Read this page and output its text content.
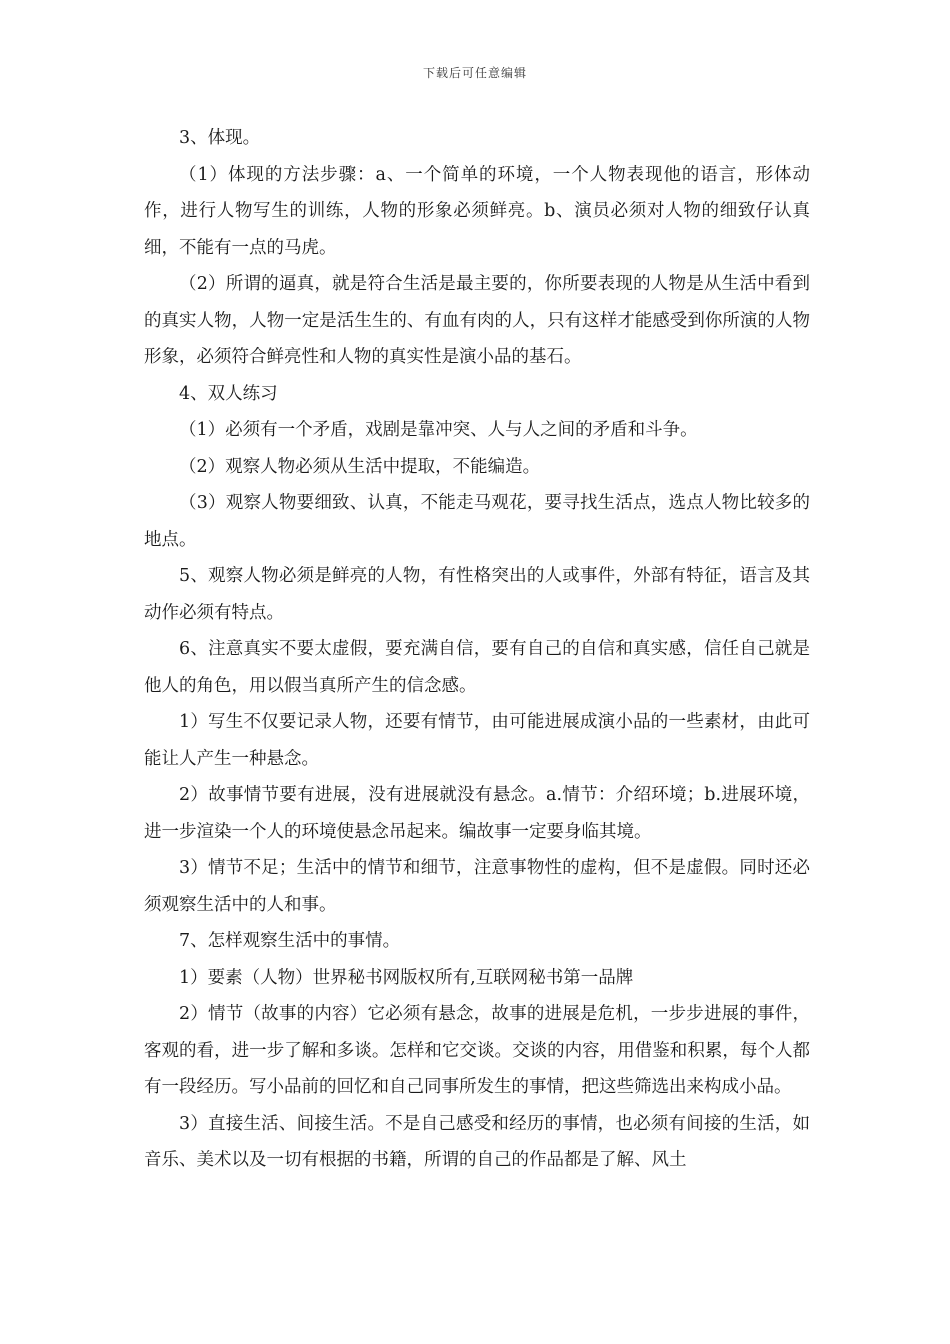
下载后可任意编辑

3、体现。

（1）体现的方法步骤：a、一个简单的环境，一个人物表现他的语言，形体动作，进行人物写生的训练，人物的形象必须鲜亮。b、演员必须对人物的细致仔认真细，不能有一点的马虎。

（2）所谓的逼真，就是符合生活是最主要的，你所要表现的人物是从生活中看到的真实人物，人物一定是活生生的、有血有肉的人，只有这样才能感受到你所演的人物形象，必须符合鲜亮性和人物的真实性是演小品的基石。

4、双人练习

（1）必须有一个矛盾，戏剧是靠冲突、人与人之间的矛盾和斗争。

（2）观察人物必须从生活中提取，不能编造。

（3）观察人物要细致、认真，不能走马观花，要寻找生活点，选点人物比较多的地点。

5、观察人物必须是鲜亮的人物，有性格突出的人或事件，外部有特征，语言及其动作必须有特点。

6、注意真实不要太虚假，要充满自信，要有自己的自信和真实感，信任自己就是他人的角色，用以假当真所产生的信念感。

1）写生不仅要记录人物，还要有情节，由可能进展成演小品的一些素材，由此可能让人产生一种悬念。

2）故事情节要有进展，没有进展就没有悬念。a.情节：介绍环境；b.进展环境，进一步渲染一个人的环境使悬念吊起来。编故事一定要身临其境。

3）情节不足；生活中的情节和细节，注意事物性的虚构，但不是虚假。同时还必须观察生活中的人和事。

7、怎样观察生活中的事情。

1）要素（人物）世界秘书网版权所有,互联网秘书第一品牌

2）情节（故事的内容）它必须有悬念，故事的进展是危机，一步步进展的事件，客观的看，进一步了解和多谈。怎样和它交谈。交谈的内容，用借鉴和积累，每个人都有一段经历。写小品前的回忆和自己同事所发生的事情，把这些筛选出来构成小品。

3）直接生活、间接生活。不是自己感受和经历的事情，也必须有间接的生活，如音乐、美术以及一切有根据的书籍，所谓的自己的作品都是了解、风土
